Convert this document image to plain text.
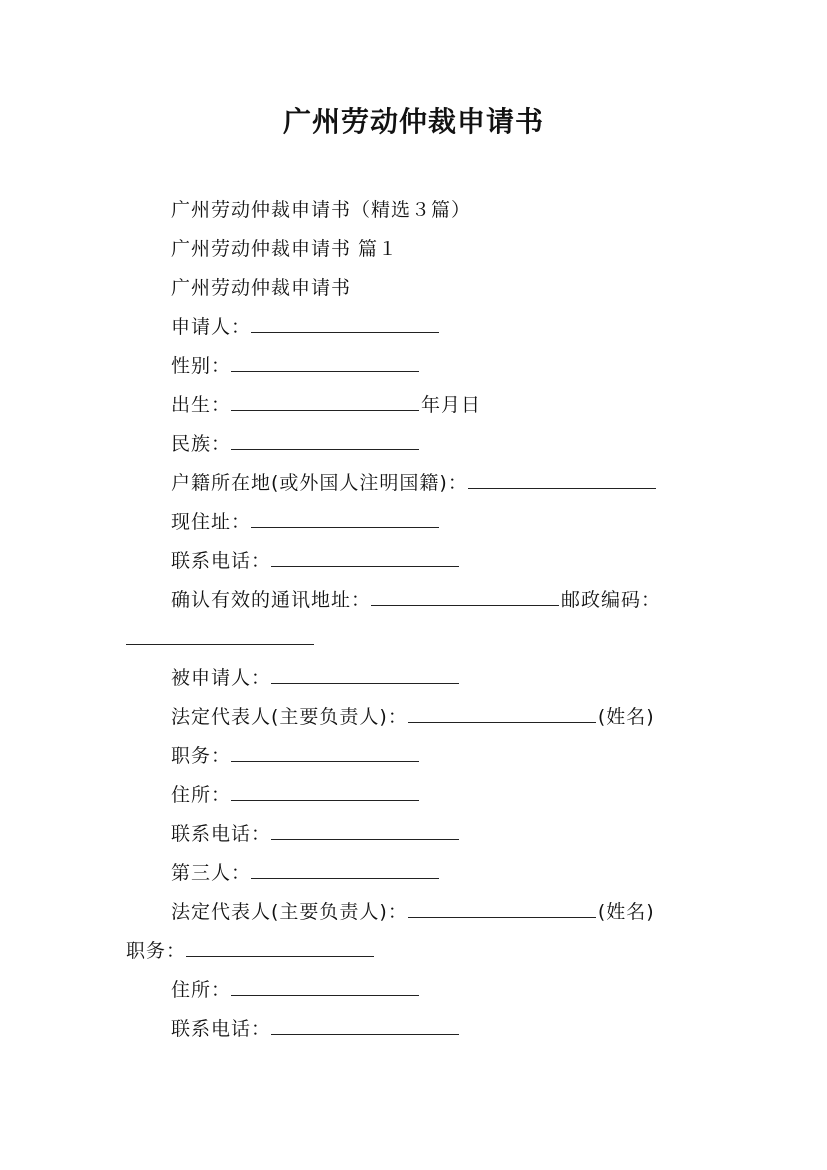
广州劳动仲裁申请书
广州劳动仲裁申请书（精选３篇）
广州劳动仲裁申请书 篇１
广州劳动仲裁申请书
申请人：
性别：
出生：	年月日
民族：
户籍所在地(或外国人注明国籍)：
现住址：
联系电话：
确认有效的通讯地址：	邮政编码：
被申请人：
法定代表人(主要负责人)：	(姓名)
职务：
住所：
联系电话：
第三人：
法定代表人(主要负责人)：	(姓名)
职务：
住所：
联系电话：
